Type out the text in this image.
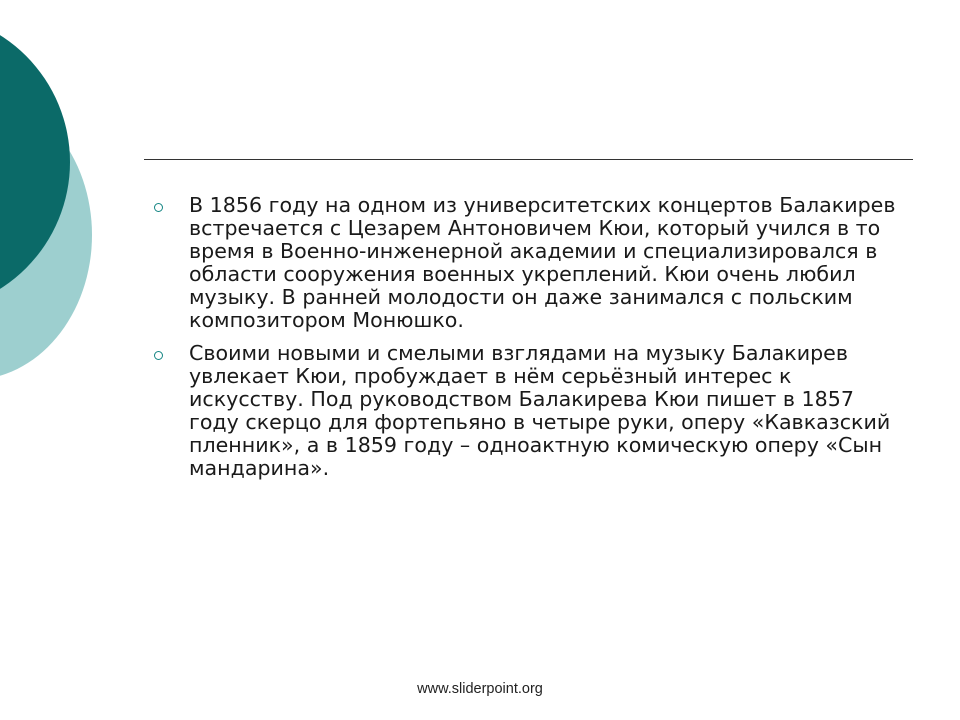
В 1856 году на одном из университетских концертов Балакирев встречается с Цезарем Антоновичем Кюи, который учился в то время в Военно-инженерной академии и специализировался в области сооружения военных укреплений. Кюи очень любил музыку. В ранней молодости он даже занимался с польским композитором Монюшко.
Своими новыми и смелыми взглядами на музыку Балакирев увлекает Кюи, пробуждает в нём серьёзный интерес к искусству. Под руководством Балакирева Кюи пишет в 1857 году скерцо для фортепьяно в четыре руки, оперу «Кавказский пленник», а в 1859 году – одноактную комическую оперу «Сын мандарина».
www.sliderpoint.org
